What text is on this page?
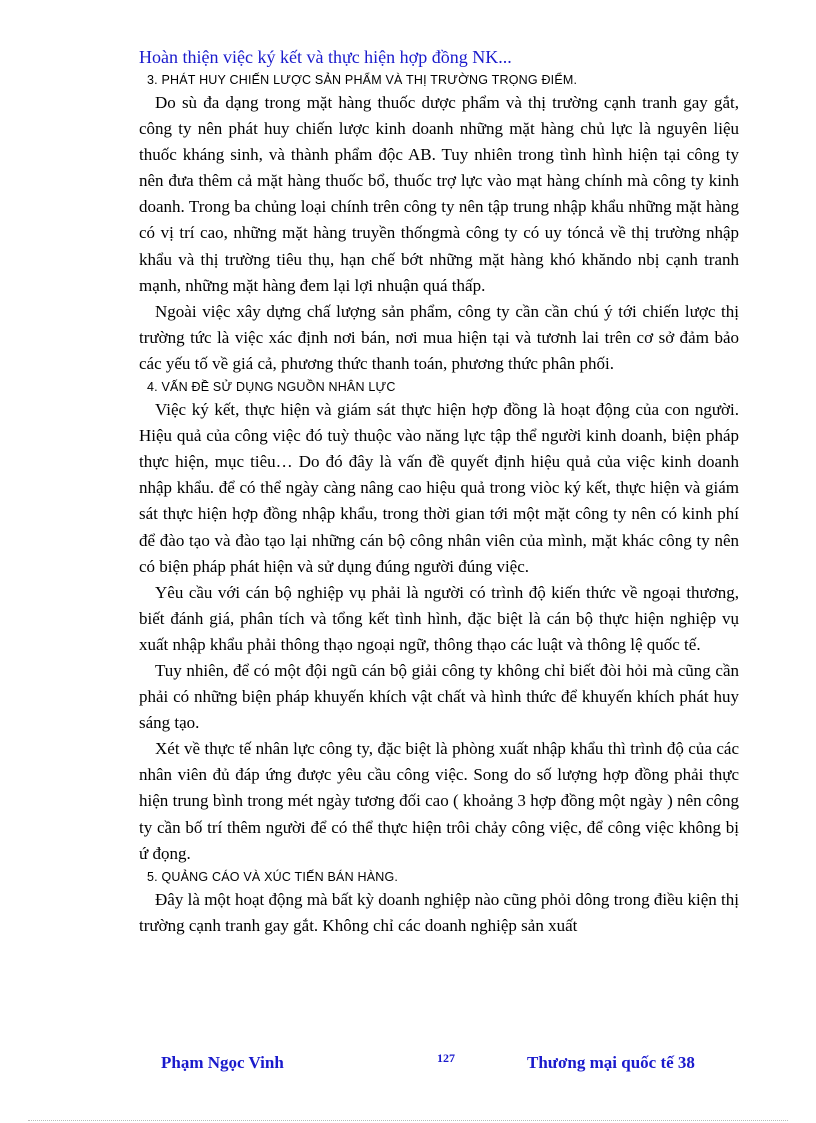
Hoàn thiện việc ký kết và thực hiện hợp đồng NK...
3. PHÁT HUY CHIẾN LƯỢC SẢN PHẨM VÀ THỊ TRƯỜNG TRỌNG ĐIỂM.

Do sù đa dạng trong mặt hàng thuốc dược phẩm và thị trường cạnh tranh gay gắt, công ty nên phát huy chiến lược kinh doanh những mặt hàng chủ lực là nguyên liệu thuốc kháng sinh, và thành phẩm độc AB. Tuy nhiên trong tình hình hiện tại công ty nên đưa thêm cả mặt hàng thuốc bổ, thuốc trợ lực vào mạt hàng chính mà công ty kinh doanh. Trong ba chủng loại chính trên công ty nên tập trung nhập khẩu những mặt hàng có vị trí cao, những mặt hàng truyền thốngmà công ty có uy tóncả về thị trường nhập khẩu và thị trường tiêu thụ, hạn chế bớt những mặt hàng khó khăndo nbị cạnh tranh mạnh, những mặt hàng đem lại lợi nhuận quá thấp.

Ngoài việc xây dựng chấ lượng sản phẩm, công ty cần cần chú ý tới chiến lược thị trường tức là việc xác định nơi bán, nơi mua hiện tại và tươnh lai trên cơ sở đảm bảo các yếu tố về giá cả, phương thức thanh toán, phương thức phân phối.

4. VẤN ĐỀ SỬ DỤNG NGUỒN NHÂN LỰC

Việc ký kết, thực hiện và giám sát thực hiện hợp đồng là hoạt động của con người. Hiệu quả của công việc đó tuỳ thuộc vào năng lực tập thể người kinh doanh, biện pháp thực hiện, mục tiêu… Do đó đây là vấn đề quyết định hiệu quả của việc kinh doanh nhập khẩu. để có thể ngày càng nâng cao hiệu quả trong viòc ký kết, thực hiện và giám sát thực hiện hợp đồng nhập khẩu, trong thời gian tới một mặt công ty nên có kinh phí để đào tạo và đào tạo lại những cán bộ công nhân viên của mình, mặt khác công ty nên có biện pháp phát hiện và sử dụng đúng người đúng việc.

Yêu cầu với cán bộ nghiệp vụ phải là người có trình độ kiến thức về ngoại thương, biết đánh giá, phân tích và tổng kết tình hình, đặc biệt là cán bộ thực hiện nghiệp vụ xuất nhập khẩu phải thông thạo ngoại ngữ, thông thạo các luật và thông lệ quốc tế.

Tuy nhiên, để có một đội ngũ cán bộ giải công ty không chỉ biết đòi hỏi mà cũng cần phải có những biện pháp khuyến khích vật chất và hình thức để khuyến khích phát huy sáng tạo.

Xét về thực tế nhân lực công ty, đặc biệt là phòng xuất nhập khẩu thì trình độ của các nhân viên đủ đáp ứng được yêu cầu công việc. Song do số lượng hợp đồng phải thực hiện trung bình trong mét ngày tương đối cao ( khoảng 3 hợp đồng một ngày ) nên công ty cần bố trí thêm người để có thể thực hiện trôi chảy công việc, để công việc không bị ứ đọng.

5. QUẢNG CÁO VÀ XÚC TIẾN BÁN HÀNG.

Đây là một hoạt động mà bất kỳ doanh nghiệp nào cũng phỏi dông trong điều kiện thị trường cạnh tranh gay gắt. Không chỉ các doanh nghiệp sản xuất

Phạm Ngọc Vinh	127	Thương mại quốc tế 38
